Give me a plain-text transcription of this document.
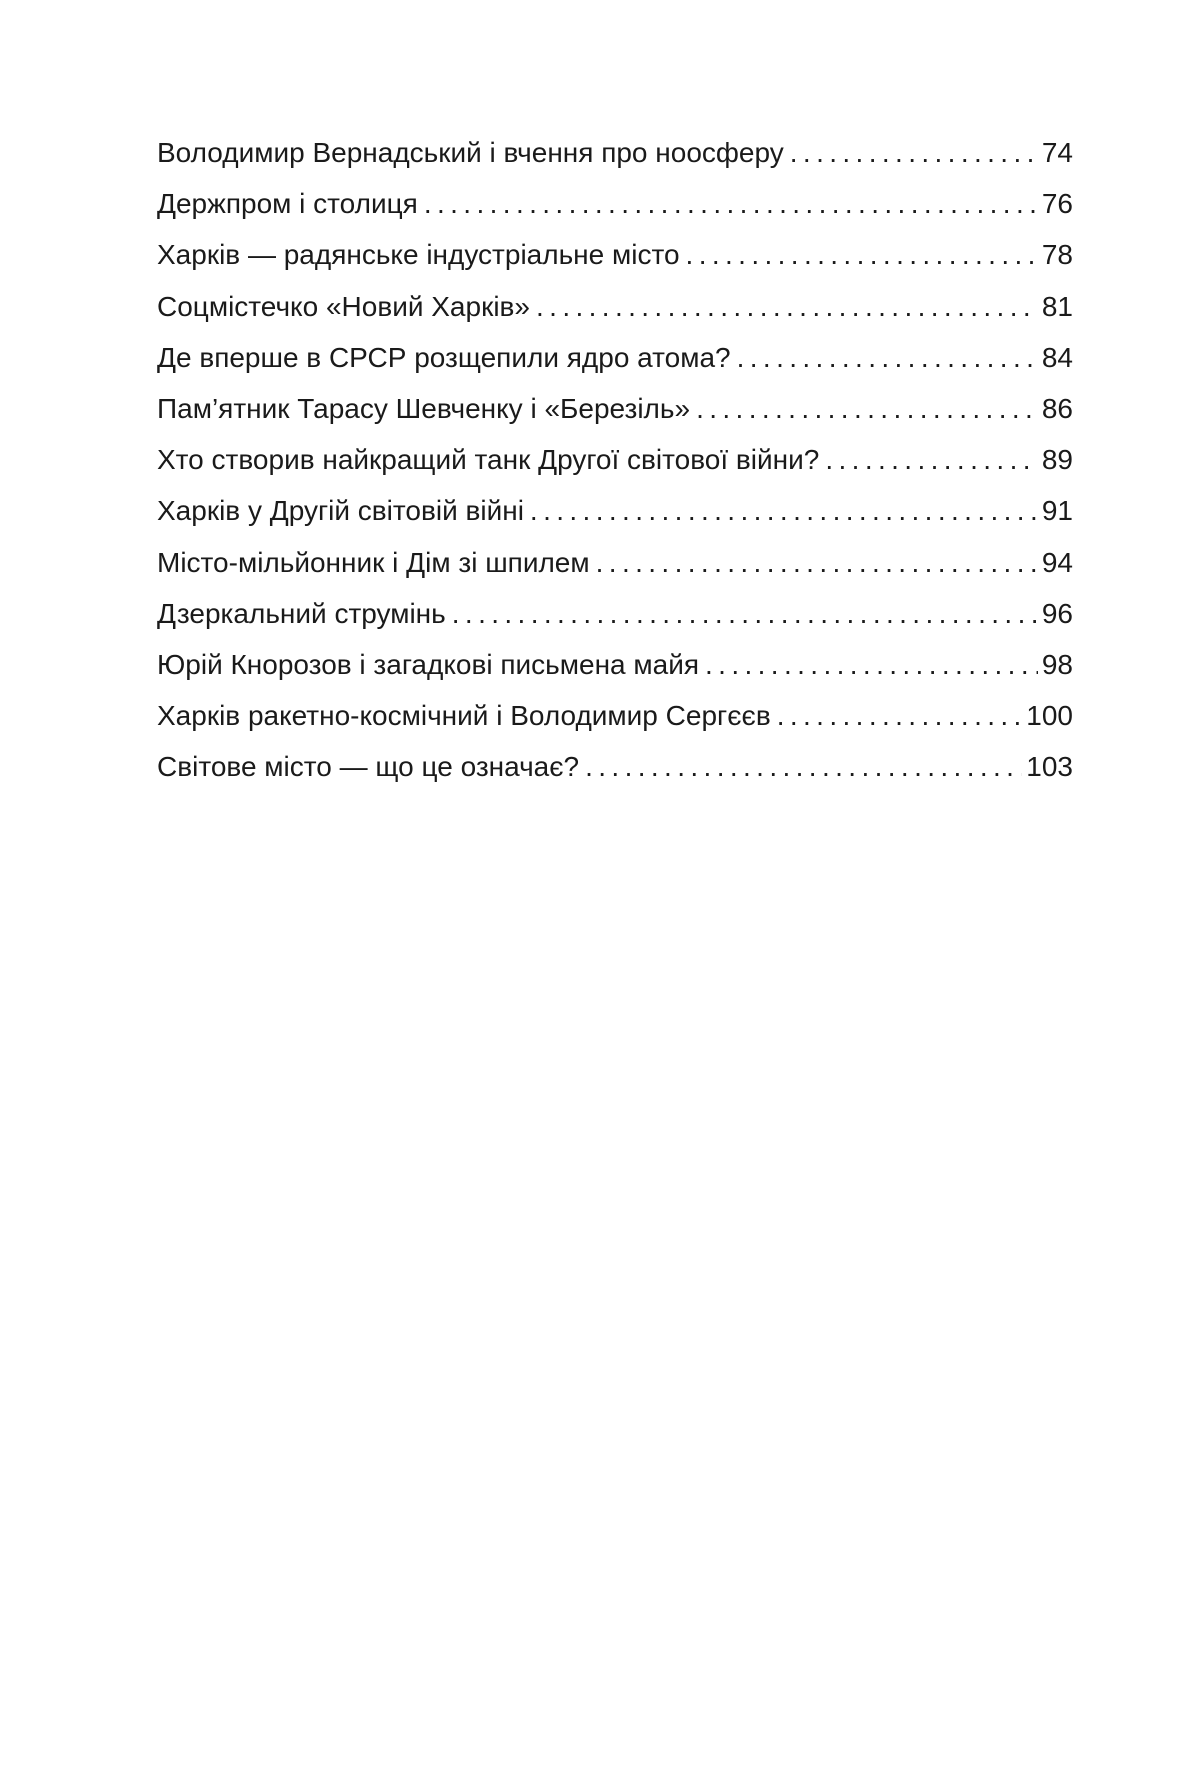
Володимир Вернадський і вчення про ноосферу . . .	74
Держпром і столиця . . .	76
Харків — радянське індустріальне місто . . .	78
Соцмістечко «Новий Харків» . . .	81
Де вперше в СРСР розщепили ядро атома? . . .	84
Пам’ятник Тарасу Шевченку і «Березіль» . . .	86
Хто створив найкращий танк Другої світової війни? . . .	89
Харків у Другій світовій війні . . .	91
Місто-мільйонник і Дім зі шпилем . . .	94
Дзеркальний струмінь . . .	96
Юрій Кнорозов і загадкові письмена майя . . .	98
Харків ракетно-космічний і Володимир Сергєєв . . .	100
Світове місто — що це означає? . . .	103
